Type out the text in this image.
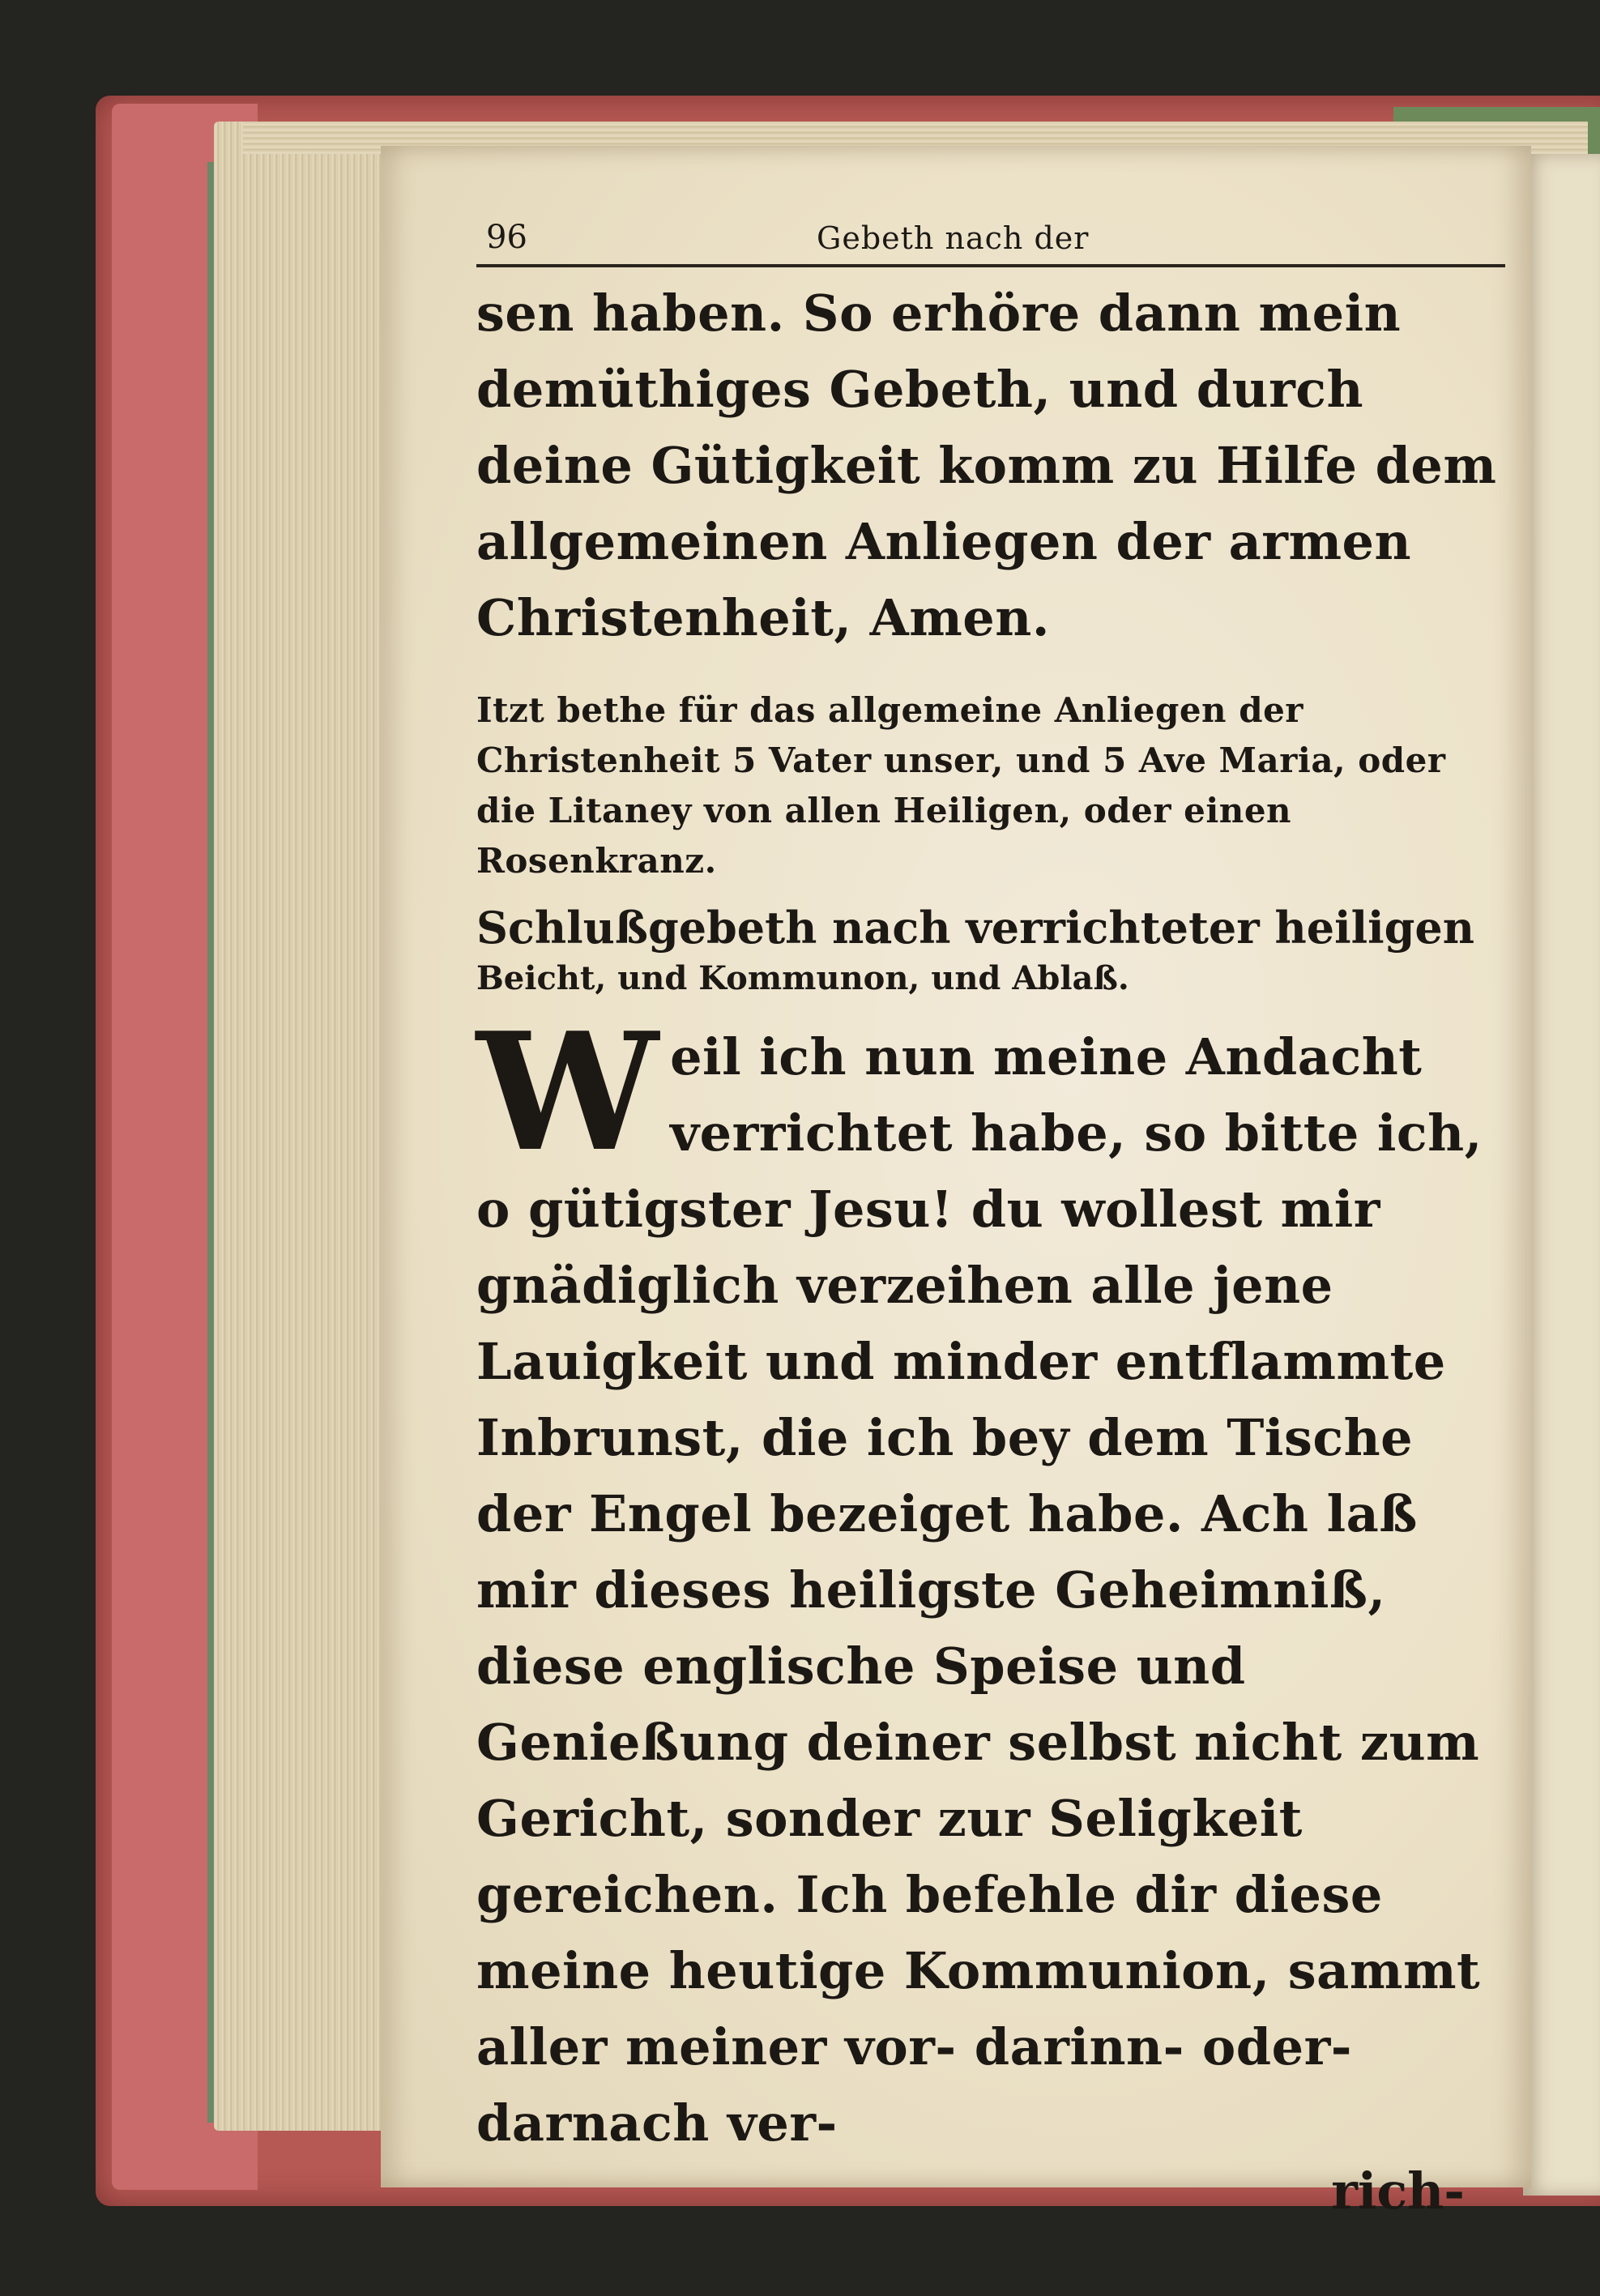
96	Gebeth nach der

sen haben. So erhöre dann mein demüthiges Gebeth, und durch deine Gütigkeit komm zu Hilfe dem allgemeinen Anliegen der armen Christenheit, Amen.

Itzt bethe für das allgemeine Anliegen der Christenheit 5 Vater unser, und 5 Ave Maria, oder die Litaney von allen Heiligen, oder einen Rosenkranz.

Schlußgebeth nach verrichteter heiligen

Beicht, und Kommunon, und Ablaß.

W eil ich nun meine Andacht verrichtet habe, so bitte ich, o gütigster Jesu! du wollest mir gnädiglich verzeihen alle jene Lauigkeit und minder entflammte Inbrunst, die ich bey dem Tische der Engel bezeiget habe. Ach laß mir dieses heiligste Geheimniß, diese englische Speise und Genießung deiner selbst nicht zum Gericht, sonder zur Seligkeit gereichen. Ich befehle dir diese meine heutige Kommunion, sammt aller meiner vor- darinn- oder- darnach ver-
rich-
